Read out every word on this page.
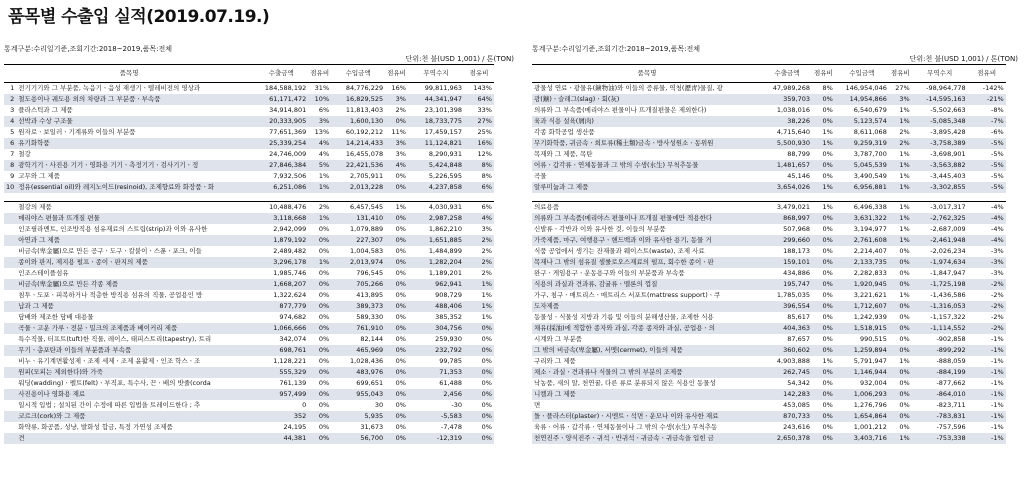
품목별 수출입 실적(2019.07.19.)
통계구분:수리일기준,조회기간:2018~2019,품목:전체
단위:천 불(USD 1,001) / 톤(TON)
품목명		수출금액	점유비	수입금액	점유비	무역수지	점유비
1	전기기기와 그 부분품, 녹음기ㆍ음성 재생기ㆍ텔레비전의 영상과	184,588,192	31%	84,776,229	16%	99,811,963	143%
2	철도용이나 궤도용 외의 차량과 그 부분품ㆍ부속품	61,171,472	10%	16,829,525	3%	44,341,947	64%
3	플라스틱과 그 제품	34,914,801	6%	11,813,403	2%	23,101,398	33%
4	선박과 수상 구조물	20,333,905	3%	1,600,130	0%	18,733,775	27%
5	원자로ㆍ보일러ㆍ기계류와 이들의 부분품	77,651,369	13%	60,192,212	11%	17,459,157	25%
6	유기화학품	25,339,254	4%	14,214,433	3%	11,124,821	16%
7	철강	24,746,009	4%	16,455,078	3%	8,290,931	12%
8	광학기기ㆍ사진용 기기ㆍ영화용 기기ㆍ측정기기ㆍ검사기기ㆍ정	27,846,384	5%	22,421,536	4%	5,424,848	8%
9	고무와 그 제품	7,932,506	1%	2,705,911	0%	5,226,595	8%
10	정유(essential oil)와 레지노이드(resinoid), 조제향료와 화장품ㆍ화	6,251,086	1%	2,013,228	0%	4,237,858	6%

	철강의 제품	10,488,476	2%	6,457,545	1%	4,030,931	6%
	메리야스 편물과 뜨개질 편물	3,118,668	1%	131,410	0%	2,987,258	4%
	인조필라멘트, 인조방직용 섬유재료의 스트립(strip)과 이와 유사한	2,942,099	0%	1,079,889	0%	1,862,210	3%
	아연과 그 제품	1,879,192	0%	227,307	0%	1,651,885	2%
	비금속(卑金屬)으로 만든 공구ㆍ도구ㆍ칼붙이ㆍ스푼ㆍ포크, 이들	2,489,482	0%	1,004,583	0%	1,484,899	2%
	종이와 판지, 제지용 펄프ㆍ종이ㆍ판지의 제품	3,296,178	1%	2,013,974	0%	1,282,204	2%
	인조스테이플섬유	1,985,746	0%	796,545	0%	1,189,201	2%
	비금속(卑金屬)으로 만든 각종 제품	1,668,207	0%	705,266	0%	962,941	1%
	침투ㆍ도포ㆍ피복하거나 적층한 방직용 섬유의 직물, 공업용인 방	1,322,624	0%	413,895	0%	908,729	1%
	납과 그 제품	877,779	0%	389,373	0%	488,406	1%
	담배와 제조한 담배 대용물	974,682	0%	589,330	0%	385,352	1%
	곡물ㆍ고운 가루ㆍ전분ㆍ밀크의 조제품과 베이커리 제품	1,066,666	0%	761,910	0%	304,756	0%
	특수직물, 터프트(tuft)한 직물, 레이스, 태피스트리(tapestry), 트리	342,074	0%	82,144	0%	259,930	0%
	무기ㆍ총포탄과 이들의 부분품과 부속품	698,761	0%	465,969	0%	232,792	0%
	비누ㆍ유기계면활성제ㆍ조제 세제ㆍ조제 윤활제ㆍ인조 학스ㆍ조	1,128,221	0%	1,028,436	0%	99,785	0%
	원피(모피는 제외한다)와 가죽	555,329	0%	483,976	0%	71,353	0%
	워딩(wadding)ㆍ펠트(felt)ㆍ부직포, 특수사, 끈ㆍ배의 밧줄(corda	761,139	0%	699,651	0%	61,488	0%
	사진용이나 영화용 재료	957,499	0%	955,043	0%	2,456	0%
	일시적 입법 ; 설치된 간이 수정에 따른 입법을 트레이드한다 ; 추	0	0%	30	0%	-30	0%
	코르크(cork)와 그 제품	352	0%	5,935	0%	-5,583	0%
	화약류, 화공품, 성냥, 발화성 합금, 특정 가연성 조제품	24,195	0%	31,673	0%	-7,478	0%
	견	44,381	0%	56,700	0%	-12,319	0%
통계구분:수리일기준,조회기간:2018~2019,품목:전체
단위:천 불(USD 1,001) / 톤(TON)
품목명	수출금액	점유비	수입금액	점유비	무역수지	점유비
광물성 연료ㆍ광물유(鑛物油)와 이들의 증류물, 역청(瀝靑)물질, 광	47,989,268	8%	146,954,046	27%	-98,964,778	-142%
광(鑛)ㆍ슬래그(slag)ㆍ회(灰)	359,703	0%	14,954,866	3%	-14,595,163	-21%
의류와 그 부속품(메리야스 편물이나 뜨개질편물은 제외한다)	1,038,016	0%	6,540,679	1%	-5,502,663	-8%
육과 식용 설육(屑肉)	38,226	0%	5,123,574	1%	-5,085,348	-7%
각종 화학공업 생산품	4,715,640	1%	8,611,068	2%	-3,895,428	-6%
무기화학품, 귀금속ㆍ희토류(稀土類)금속ㆍ방사성원소ㆍ동위원	5,500,930	1%	9,259,319	2%	-3,758,389	-5%
목재와 그 제품, 목탄	88,799	0%	3,787,700	1%	-3,698,901	-5%
어류ㆍ갑각류ㆍ연체동물과 그 밖의 수생(水生) 무척추동물	1,481,657	0%	5,045,539	1%	-3,563,882	-5%
곡물	45,146	0%	3,490,549	1%	-3,445,403	-5%
알루미늄과 그 제품	3,654,026	1%	6,956,881	1%	-3,302,855	-5%

의료용품	3,479,021	1%	6,496,338	1%	-3,017,317	-4%
의류와 그 부속품(메리야스 편물이나 뜨개질 편물에만 적용한다	868,997	0%	3,631,322	1%	-2,762,325	-4%
신발류ㆍ각반과 이와 유사한 것, 이들의 부분품	507,968	0%	3,194,977	1%	-2,687,009	-4%
가죽제품, 마구, 여행용구ㆍ핸드백과 이와 유사한 용기, 동물 거	299,660	0%	2,761,608	1%	-2,461,948	-4%
식품 공업에서 생기는 잔재물과 웨이스트(waste), 조제 사료	188,173	0%	2,214,407	0%	-2,026,234	-3%
목재나 그 밖의 섬유질 셀룰로오스재료의 펄프, 회수한 종이ㆍ판	159,101	0%	2,133,735	0%	-1,974,634	-3%
완구ㆍ게임용구ㆍ운동용구와 이들의 부분품과 부속품	434,886	0%	2,282,833	0%	-1,847,947	-3%
식용의 과실과 견과류, 감귤류ㆍ멜론의 껍질	195,747	0%	1,920,945	0%	-1,725,198	-2%
가구, 침구ㆍ매트리스ㆍ매트리스 서포트(mattress support)ㆍ쿠	1,785,035	0%	3,221,621	1%	-1,436,586	-2%
도자제품	396,554	0%	1,712,607	0%	-1,316,053	-2%
동물성ㆍ식물성 지방과 기름 및 이들의 분해생산물, 조제한 식용	85,617	0%	1,242,939	0%	-1,157,322	-2%
채유(採油)에 적합한 종자와 과실, 각종 종자와 과실, 공업용ㆍ의	404,363	0%	1,518,915	0%	-1,114,552	-2%
시계와 그 부분품	87,657	0%	990,515	0%	-902,858	-1%
그 밖의 비금속(卑金屬), 서멧(cermet), 이들의 제품	360,602	0%	1,259,894	0%	-899,292	-1%
구리와 그 제품	4,903,888	1%	5,791,947	1%	-888,059	-1%
채소ㆍ과실ㆍ견과류나 식물의 그 밖의 부분의 조제품	262,745	0%	1,146,944	0%	-884,199	-1%
낙농품, 새의 알, 천연꿀, 다른 류로 분류되지 않은 식용인 동물성	54,342	0%	932,004	0%	-877,662	-1%
니켈과 그 제품	142,283	0%	1,006,293	0%	-864,010	-1%
면	453,085	0%	1,276,796	0%	-823,711	-1%
돌ㆍ플라스터(plaster)ㆍ시멘트ㆍ석면ㆍ운모나 이와 유사한 재료	870,733	0%	1,654,864	0%	-783,831	-1%
육류ㆍ어류ㆍ갑각류ㆍ연체동물이나 그 밖의 수생(水生) 무척추동	243,616	0%	1,001,212	0%	-757,596	-1%
천연진주ㆍ양식진주ㆍ귀석ㆍ반귀석ㆍ귀금속ㆍ귀금속을 입힌 금	2,650,378	0%	3,403,716	1%	-753,338	-1%
